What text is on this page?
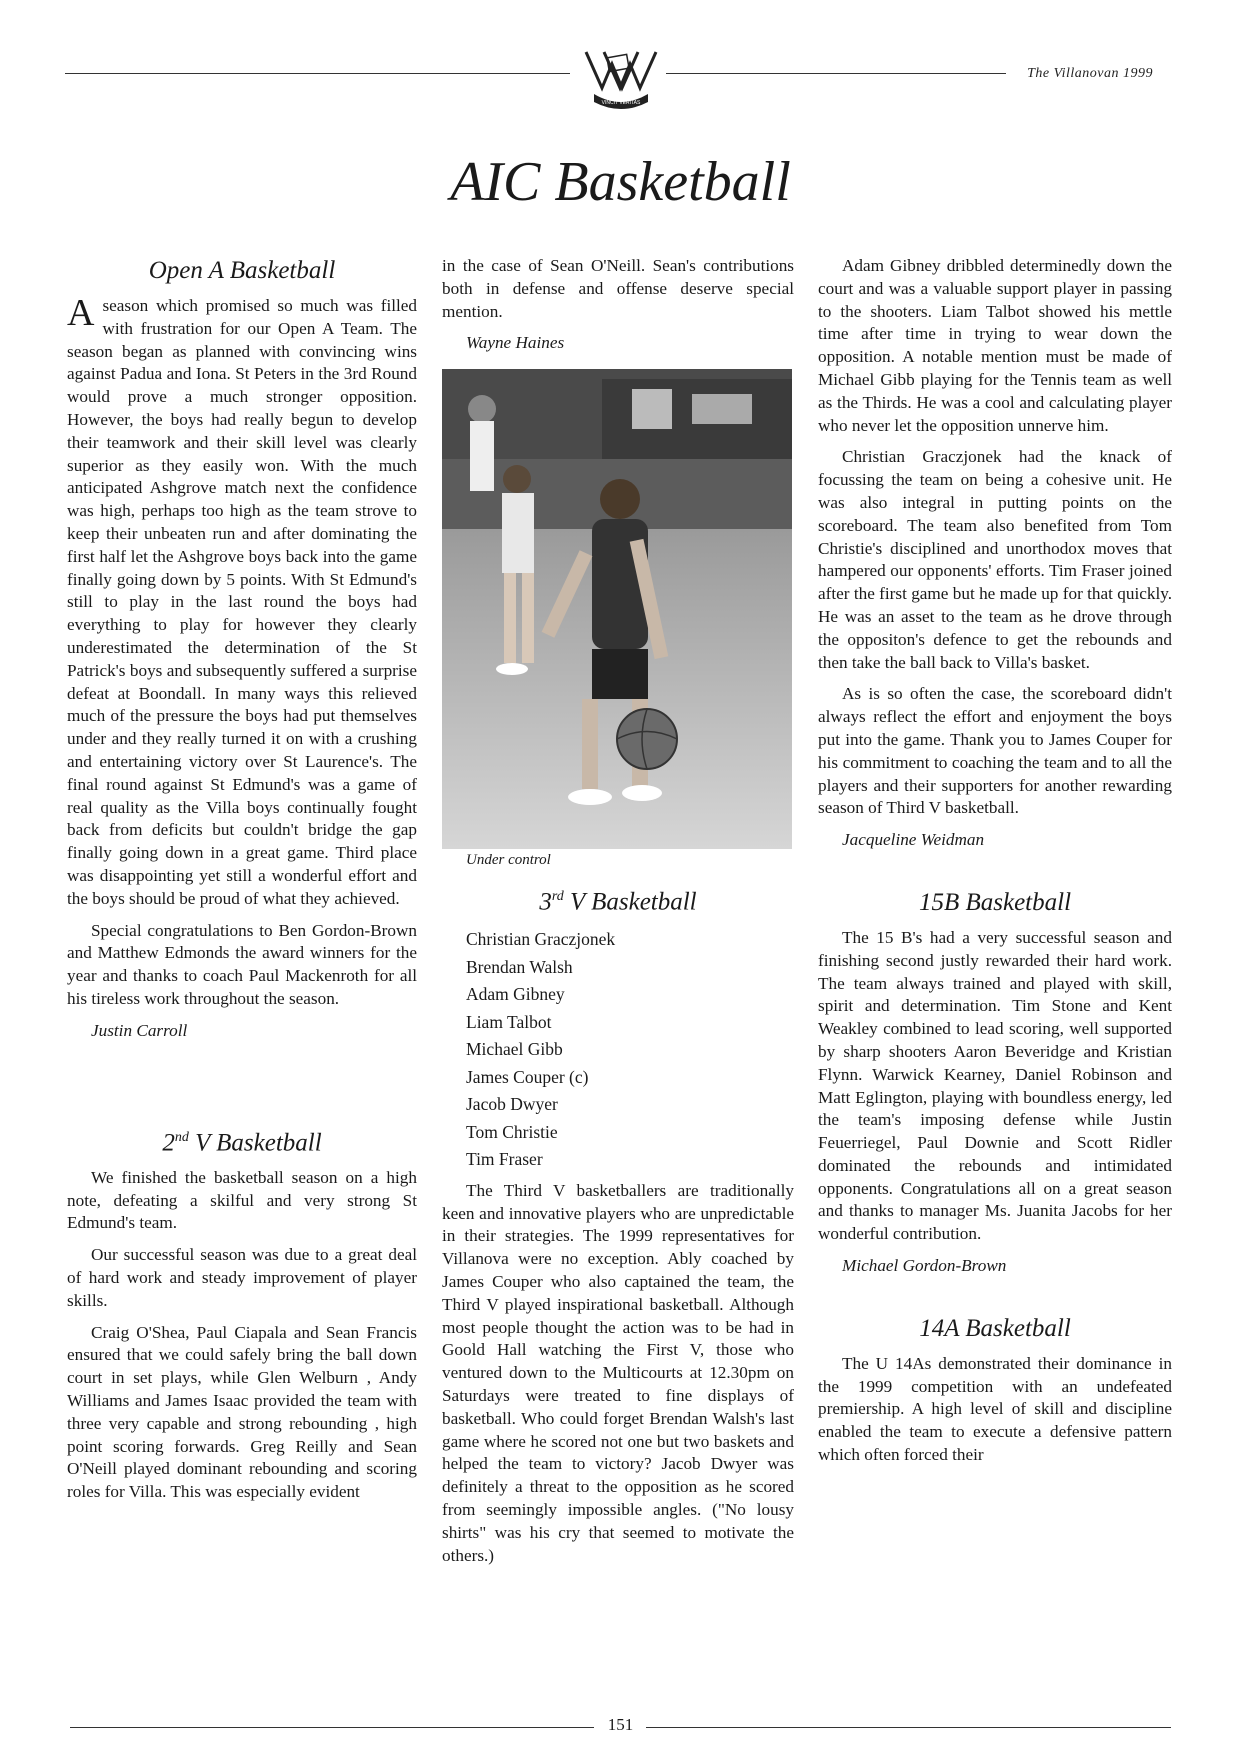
The Villanovan 1999
VINCIT VERITAS
AIC Basketball
Open A Basketball

A season which promised so much was filled with frustration for our Open A Team. The season began as planned with convincing wins against Padua and Iona. St Peters in the 3rd Round would prove a much stronger opposition. However, the boys had really begun to develop their teamwork and their skill level was clearly superior as they easily won. With the much anticipated Ashgrove match next the confidence was high, perhaps too high as the team strove to keep their unbeaten run and after dominating the first half let the Ashgrove boys back into the game finally going down by 5 points. With St Edmund's still to play in the last round the boys had everything to play for however they clearly underestimated the determination of the St Patrick's boys and subsequently suffered a surprise defeat at Boondall. In many ways this relieved much of the pressure the boys had put themselves under and they really turned it on with a crushing and entertaining victory over St Laurence's. The final round against St Edmund's was a game of real quality as the Villa boys continually fought back from deficits but couldn't bridge the gap finally going down in a great game. Third place was disappointing yet still a wonderful effort and the boys should be proud of what they achieved.

Special congratulations to Ben Gordon-Brown and Matthew Edmonds the award winners for the year and thanks to coach Paul Mackenroth for all his tireless work throughout the season.

Justin Carroll

2nd V Basketball

We finished the basketball season on a high note, defeating a skilful and very strong St Edmund's team.

Our successful season was due to a great deal of hard work and steady improvement of player skills.

Craig O'Shea, Paul Ciapala and Sean Francis ensured that we could safely bring the ball down court in set plays, while Glen Welburn , Andy Williams and James Isaac provided the team with three very capable and strong rebounding , high point scoring forwards. Greg Reilly and Sean O'Neill played dominant rebounding and scoring roles for Villa. This was especially evident

in the case of Sean O'Neill. Sean's contributions both in defense and offense deserve special mention.

Wayne Haines

Under control

3rd V Basketball
Christian Graczjonek
Brendan Walsh
Adam Gibney
Liam Talbot
Michael Gibb
James Couper (c)
Jacob Dwyer
Tom Christie
Tim Fraser

The Third V basketballers are traditionally keen and innovative players who are unpredictable in their strategies. The 1999 representatives for Villanova were no exception. Ably coached by James Couper who also captained the team, the Third V played inspirational basketball. Although most people thought the action was to be had in Goold Hall watching the First V, those who ventured down to the Multicourts at 12.30pm on Saturdays were treated to fine displays of basketball. Who could forget Brendan Walsh's last game where he scored not one but two baskets and helped the team to victory? Jacob Dwyer was definitely a threat to the opposition as he scored from seemingly impossible angles. ("No lousy shirts" was his cry that seemed to motivate the others.)

Adam Gibney dribbled determinedly down the court and was a valuable support player in passing to the shooters. Liam Talbot showed his mettle time after time in trying to wear down the opposition. A notable mention must be made of Michael Gibb playing for the Tennis team as well as the Thirds. He was a cool and calculating player who never let the opposition unnerve him.

Christian Graczjonek had the knack of focussing the team on being a cohesive unit. He was also integral in putting points on the scoreboard. The team also benefited from Tom Christie's disciplined and unorthodox moves that hampered our opponents' efforts. Tim Fraser joined after the first game but he made up for that quickly. He was an asset to the team as he drove through the oppositon's defence to get the rebounds and then take the ball back to Villa's basket.

As is so often the case, the scoreboard didn't always reflect the effort and enjoyment the boys put into the game. Thank you to James Couper for his commitment to coaching the team and to all the players and their supporters for another rewarding season of Third V basketball.

Jacqueline Weidman

15B Basketball

The 15 B's had a very successful season and finishing second justly rewarded their hard work. The team always trained and played with skill, spirit and determination. Tim Stone and Kent Weakley combined to lead scoring, well supported by sharp shooters Aaron Beveridge and Kristian Flynn. Warwick Kearney, Daniel Robinson and Matt Eglington, playing with boundless energy, led the team's imposing defense while Justin Feuerriegel, Paul Downie and Scott Ridler dominated the rebounds and intimidated opponents. Congratulations all on a great season and thanks to manager Ms. Juanita Jacobs for her wonderful contribution.

Michael Gordon-Brown

14A Basketball

The U 14As demonstrated their dominance in the 1999 competition with an undefeated premiership. A high level of skill and discipline enabled the team to execute a defensive pattern which often forced their

151
